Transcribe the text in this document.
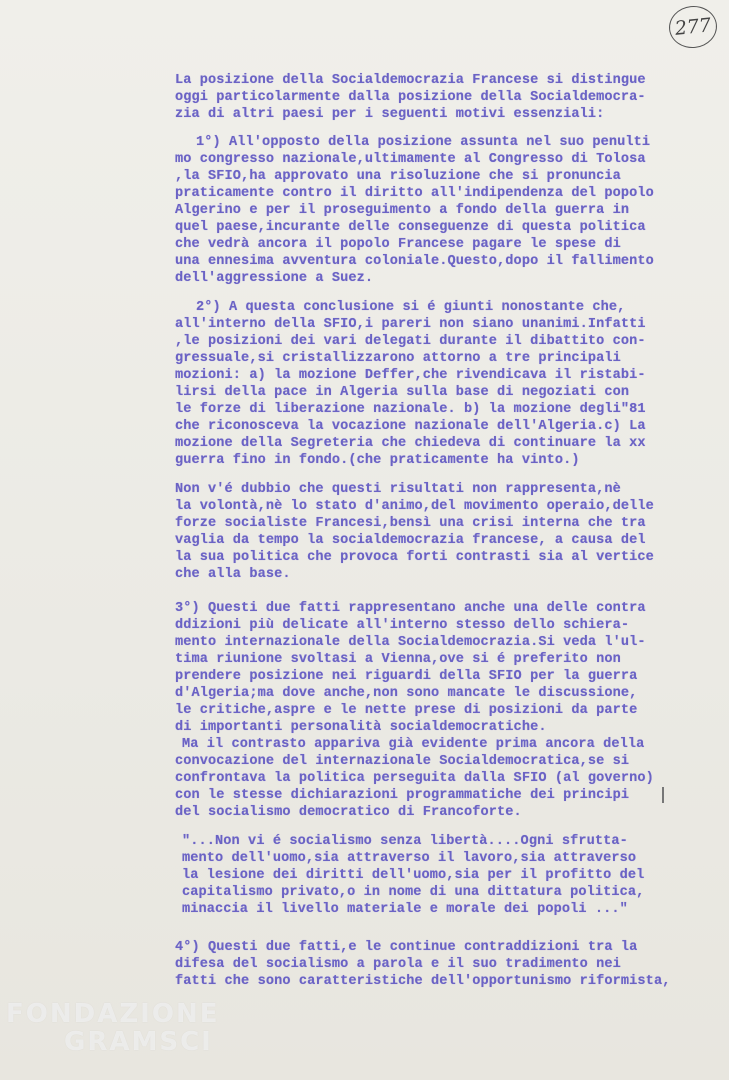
277
La posizione della Socialdemocrazia Francese si distingue
oggi particolarmente dalla posizione della Socialdemocra-
zia di altri paesi per i seguenti motivi essenziali:
1°) All'opposto della posizione assunta nel suo penulti
mo congresso nazionale,ultimamente al Congresso di Tolosa
,la SFIO,ha approvato una risoluzione che si pronuncia
praticamente contro il diritto all'indipendenza del popolo
Algerino e per il proseguimento a fondo della guerra in
quel paese,incurante delle conseguenze di questa politica
che vedrà ancora il popolo Francese pagare le spese di
una ennesima avventura coloniale.Questo,dopo il fallimento
dell'aggressione a Suez.
2°) A questa conclusione si é giunti nonostante che,
all'interno della SFIO,i pareri non siano unanimi.Infatti
,le posizioni dei vari delegati durante il dibattito con-
gressuale,si cristallizzarono attorno a tre principali
mozioni: a) la mozione Deffer,che rivendicava il ristabi-
lirsi della pace in Algeria sulla base di negoziati con
le forze di liberazione nazionale. b) la mozione degli"81
che riconosceva la vocazione nazionale dell'Algeria.c) La
mozione della Segreteria che chiedeva di continuare la xx
guerra fino in fondo.(che praticamente ha vinto.)
Non v'é dubbio che questi risultati non rappresenta,nè
la volontà,nè lo stato d'animo,del movimento operaio,delle
forze socialiste Francesi,bensì una crisi interna che tra
vaglia da tempo la socialdemocrazia francese, a causa del
la sua politica che provoca forti contrasti sia al vertice
che alla base.
3°) Questi due fatti rappresentano anche una delle contra
ddizioni più delicate all'interno stesso dello schiera-
mento internazionale della Socialdemocrazia.Si veda l'ul-
tima riunione svoltasi a Vienna,ove si é preferito non
prendere posizione nei riguardi della SFIO per la guerra
d'Algeria;ma dove anche,non sono mancate le discussione,
le critiche,aspre e le nette prese di posizioni da parte
di importanti personalità socialdemocratiche.
Ma il contrasto appariva già evidente prima ancora della
convocazione del internazionale Socialdemocratica,se si
confrontava la politica perseguita dalla SFIO (al governo)
con le stesse dichiarazioni programmatiche dei principi
del socialismo democratico di Francoforte.
"...Non vi é socialismo senza libertà....Ogni sfrutta-
mento dell'uomo,sia attraverso il lavoro,sia attraverso
la lesione dei diritti dell'uomo,sia per il profitto del
capitalismo privato,o in nome di una dittatura politica,
minaccia il livello materiale e morale dei popoli ..."
4°) Questi due fatti,e le continue contraddizioni tra la
difesa del socialismo a parola e il suo tradimento nei
fatti che sono caratteristiche dell'opportunismo riformista,
FONDAZIONE
GRAMSCI
